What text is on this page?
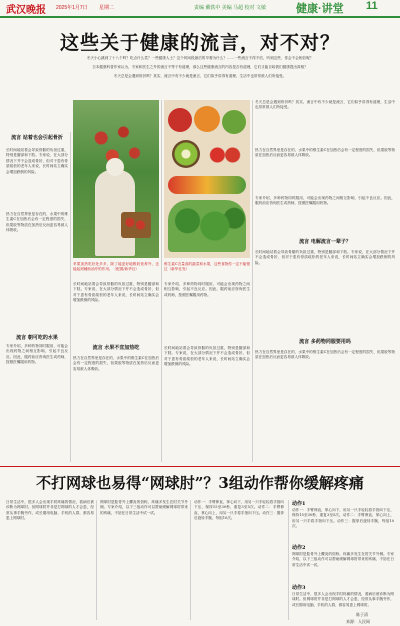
武汉晚报 2025年1月7日 星期二	责编 戴铁中 美编 马超 校对 文敏	健康·讲堂 11
这些关于健康的流言，对不对？
冬天小心跳到了十八个吗？吃点什么菜？一些健康人士？这个时间段最后的早餐为什么？……一些流言不得不信，听到这些，你会不会相信呢？
日本健康科普作家认为，专家和医生之外的流言不等于有道理，那么这些健康流言的内容是否有道理，它们又能否给我们健康提出真相？
冬天总是会遇到骨折吗？其实，流言中有不少就是流言，它们似乎讲得有道理，生活中也常常被人们所接受。
流言 站着也会引起骨折
长时间地站着会导致骨骼的负担过重，特别是腰部和下肢。专家说，在大部分情况下并不会造成骨折，但对于患有骨质疏松的老年人来说，长时间站立确实会增加跌倒的风险。
热力在自然界里是存在的，水果中的维生素C在加热后会有一定程度的损失，但果胶等物质在加热后反而更容易被人体吸收。
流言 朝可吃的水果
专家介绍，多种药物同时服用，可能会出现药物之间相互影响，引起不良反应。因此，服药前应咨询医生或药师，按照医嘱服用药物。
苹果加热吃好处多多，除了能更好地吸收营养外，还能起到辅助治疗的作用。（配图/新华社）
长时间地站着会导致骨骼的负担过重，特别是腰部和下肢。专家说，在大部分情况下并不会造成骨折，但对于患有骨质疏松的老年人来说，长时间站立确实会增加跌倒的风险。
流言 水果不宜加热吃
热力在自然界里是存在的，水果中的维生素C在加热后会有一定程度的损失，但果胶等物质在加热后反而更容易被人体吸收。
维生素C含量高的蔬菜和水果，这些食物你一定不能错过（新华社发）
专家介绍，多种药物同时服用，可能会出现药物之间相互影响，引起不良反应。因此，服药前应咨询医生或药师，按照医嘱服用药物。
长时间地站着会导致骨骼的负担过重，特别是腰部和下肢。专家说，在大部分情况下并不会造成骨折，但对于患有骨质疏松的老年人来说，长时间站立确实会增加跌倒的风险。
冬天总是会遇到骨折吗？其实，流言中有不少就是流言，它们似乎讲得有道理，生活中也常常被人们所接受。
热力在自然界里是存在的，水果中的维生素C在加热后会有一定程度的损失，但果胶等物质在加热后反而更容易被人体吸收。
专家介绍，多种药物同时服用，可能会出现药物之间相互影响，引起不良反应。因此，服药前应咨询医生或药师，按照医嘱服用药物。
流言 电解流言一辈子？
长时间地站着会导致骨骼的负担过重，特别是腰部和下肢。专家说，在大部分情况下并不会造成骨折，但对于患有骨质疏松的老年人来说，长时间站立确实会增加跌倒的风险。
流言 多药物同服要用吗
热力在自然界里是存在的，水果中的维生素C在加热后会有一定程度的损失，但果胶等物质在加热后反而更容易被人体吸收。
不打网球也易得“网球肘”？3组动作帮你缓解疼痛
日常生活中，很多人会出现手肘疼痛的情况，看病后被诊断为网球肘。但网球肘并非是打网球的人才会患，经常从事手腕劳作，或长期用电脑、手机的人群，都容易患上网球肘。
网球肘是肱骨外上髁炎的俗称，疼痛多发生在肘关节外侧。专家介绍，以下三组动作可以帮助缓解网球肘带来的疼痛，不妨在日常生活中试一试。
动作一：手臂伸直，掌心向下，用另一只手轻轻将手指向下压，保持15至30秒，重复3至5次。动作二：手臂伸直，掌心向上，用另一只手将手指向下压。动作三：握拳后旋转手腕，每组10次。
动作1
动作一：手臂伸直，掌心向下，用另一只手轻轻将手指向下压，保持15至30秒，重复3至5次。动作二：手臂伸直，掌心向上，用另一只手将手指向下压。动作三：握拳后旋转手腕，每组10次。
动作2
网球肘是肱骨外上髁炎的俗称，疼痛多发生在肘关节外侧。专家介绍，以下三组动作可以帮助缓解网球肘带来的疼痛，不妨在日常生活中试一试。
动作3
日常生活中，很多人会出现手肘疼痛的情况，看病后被诊断为网球肘。但网球肘并非是打网球的人才会患，经常从事手腕劳作，或长期用电脑、手机的人群，都容易患上网球肘。
陈子清
来源：人民网
